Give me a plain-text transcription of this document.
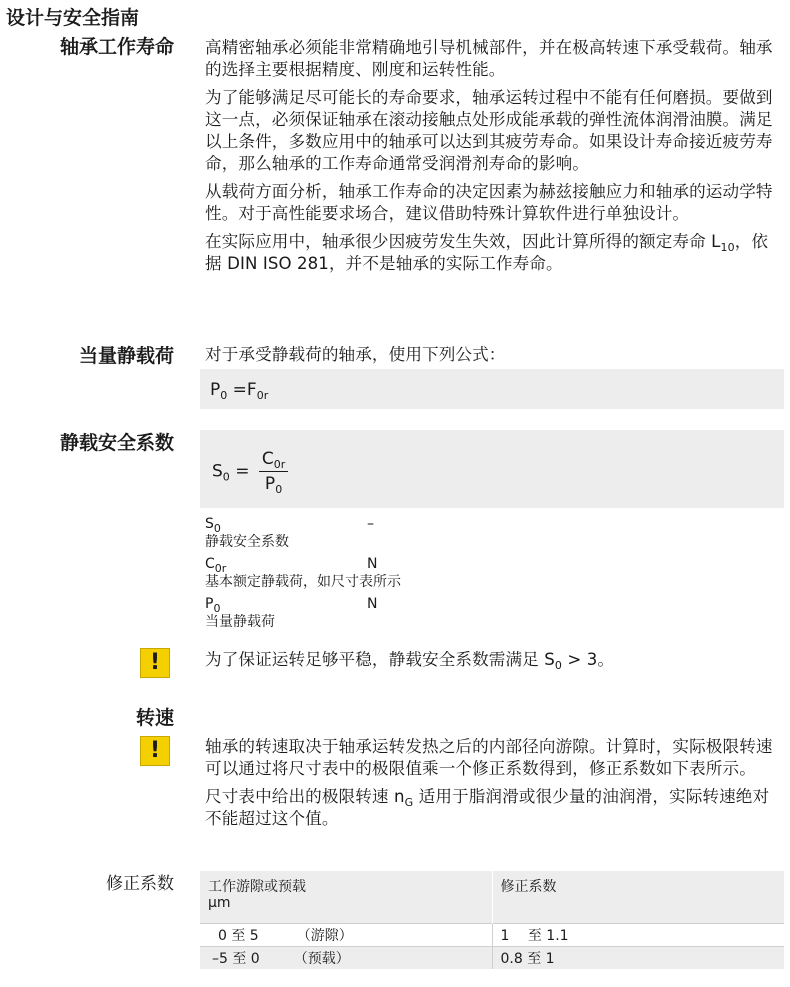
设计与安全指南
轴承工作寿命 高精密轴承必须能非常精确地引导机械部件，并在极高转速下承受载荷。轴承的选择主要根据精度、刚度和运转性能。

为了能够满足尽可能长的寿命要求，轴承运转过程中不能有任何磨损。要做到这一点，必须保证轴承在滚动接触点处形成能承载的弹性流体润滑油膜。满足以上条件，多数应用中的轴承可以达到其疲劳寿命。如果设计寿命接近疲劳寿命，那么轴承的工作寿命通常受润滑剂寿命的影响。

从载荷方面分析，轴承工作寿命的决定因素为赫兹接触应力和轴承的运动学特性。对于高性能要求场合，建议借助特殊计算软件进行单独设计。

在实际应用中，轴承很少因疲劳发生失效，因此计算所得的额定寿命 $L_{10}$，依据 DIN ISO 281，并不是轴承的实际工作寿命。

当量静载荷 对于承受静载荷的轴承，使用下列公式：
$P_0 =F_{0r}$
静载安全系数
$S_0 = \frac{C_{0r}}{P_0}$
$S_0$	–
静载安全系数
$C_{0r}$	N
基本额定静载荷，如尺寸表所示
$P_0$	N
当量静载荷
!	为了保证运转足够平稳，静载安全系数需满足 $S_0 > 3$。
转速
!	轴承的转速取决于轴承运转发热之后的内部径向游隙。计算时，实际极限转速可以通过将尺寸表中的极限值乘一个修正系数得到，修正系数如下表所示。

尺寸表中给出的极限转速 $n_G$ 适用于脂润滑或很少量的油润滑，实际转速绝对不能超过这个值。

修正系数 工作游隙或预载
μm	修正系数
0 至 5 （游隙）	1　 至 1.1
–5 至 0 （预载）	0.8 至 1
